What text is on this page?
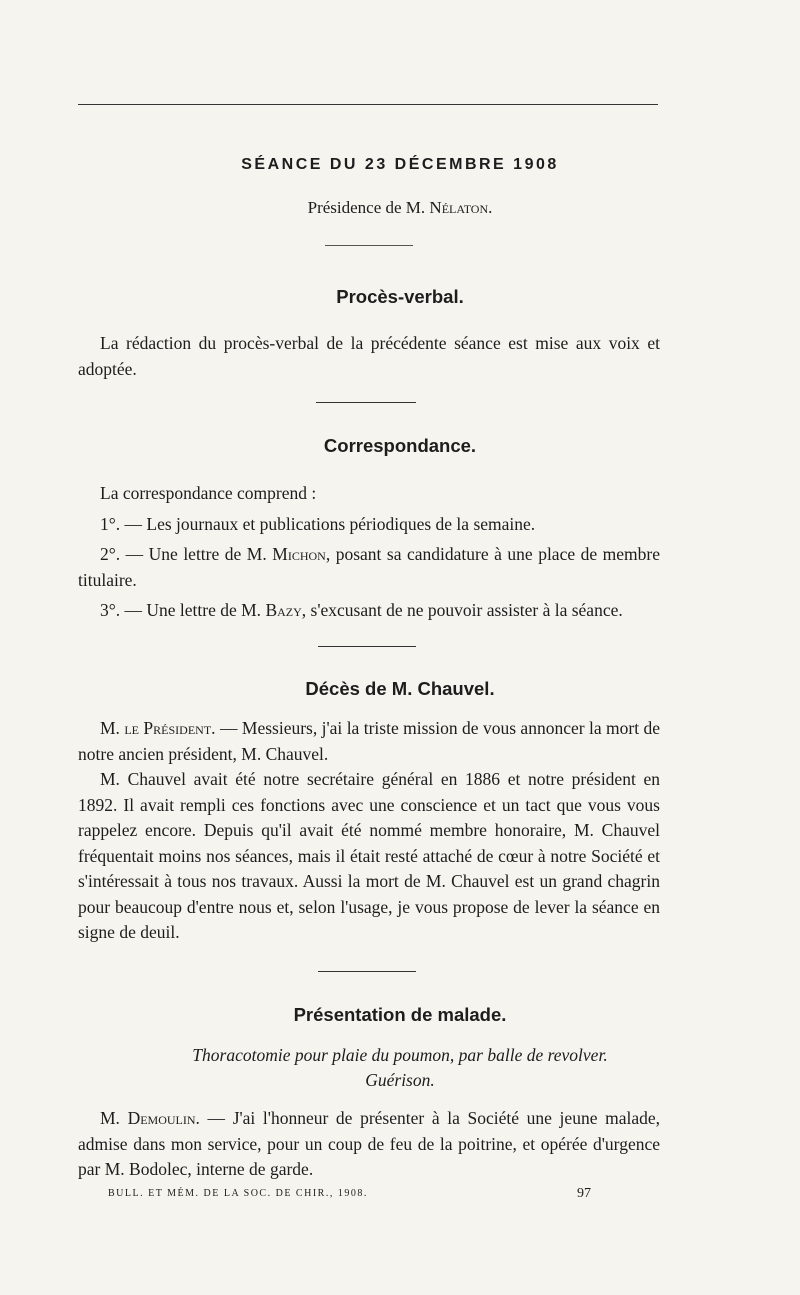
SÉANCE DU 23 DÉCEMBRE 1908

Présidence de M. Nélaton.

Procès-verbal.

La rédaction du procès-verbal de la précédente séance est mise aux voix et adoptée.

Correspondance.

La correspondance comprend :

1°. — Les journaux et publications périodiques de la semaine.

2°. — Une lettre de M. Michon, posant sa candidature à une place de membre titulaire.

3°. — Une lettre de M. Bazy, s'excusant de ne pouvoir assister à la séance.

Décès de M. Chauvel.

M. le Président. — Messieurs, j'ai la triste mission de vous annoncer la mort de notre ancien président, M. Chauvel.

M. Chauvel avait été notre secrétaire général en 1886 et notre président en 1892. Il avait rempli ces fonctions avec une conscience et un tact que vous vous rappelez encore. Depuis qu'il avait été nommé membre honoraire, M. Chauvel fréquentait moins nos séances, mais il était resté attaché de cœur à notre Société et s'intéressait à tous nos travaux. Aussi la mort de M. Chauvel est un grand chagrin pour beaucoup d'entre nous et, selon l'usage, je vous propose de lever la séance en signe de deuil.

Présentation de malade.

Thoracotomie pour plaie du poumon, par balle de revolver.

Guérison.

M. Demoulin. — J'ai l'honneur de présenter à la Société une jeune malade, admise dans mon service, pour un coup de feu de la poitrine, et opérée d'urgence par M. Bodolec, interne de garde.

BULL. ET MÉM. DE LA SOC. DE CHIR., 1908.	97
